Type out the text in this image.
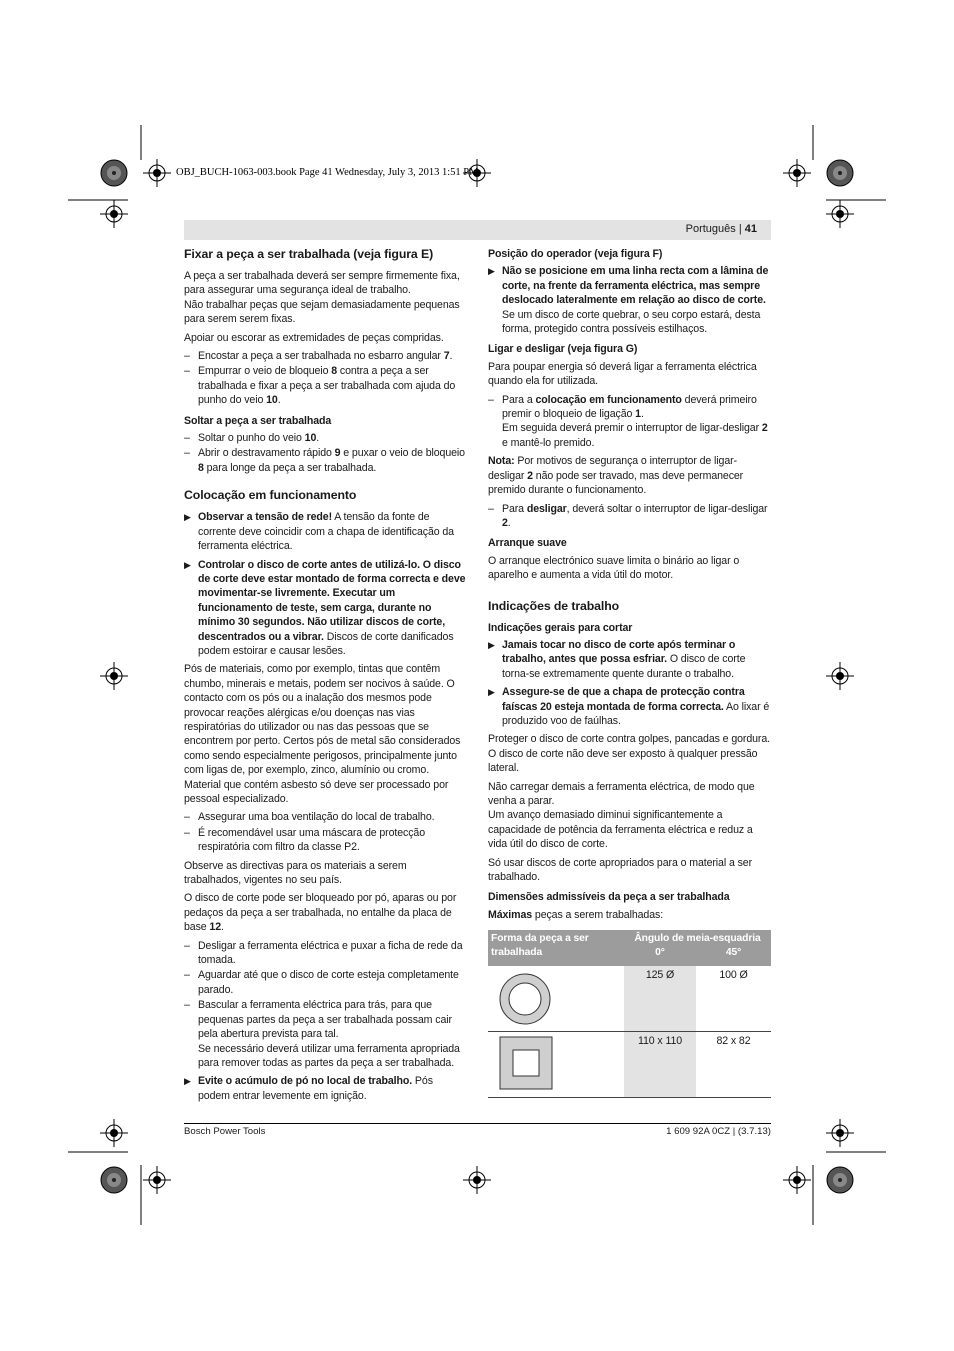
OBJ_BUCH-1063-003.book Page 41 Wednesday, July 3, 2013 1:51 PM
Português | 41
Fixar a peça a ser trabalhada (veja figura E)

A peça a ser trabalhada deverá ser sempre firmemente fixa, para assegurar uma segurança ideal de trabalho.
Não trabalhar peças que sejam demasiadamente pequenas para serem serem fixas.

Apoiar ou escorar as extremidades de peças compridas.

– Encostar a peça a ser trabalhada no esbarro angular 7.
– Empurrar o veio de bloqueio 8 contra a peça a ser trabalhada e fixar a peça a ser trabalhada com ajuda do punho do veio 10.
Soltar a peça a ser trabalhada
– Soltar o punho do veio 10.
– Abrir o destravamento rápido 9 e puxar o veio de bloqueio 8 para longe da peça a ser trabalhada.
Colocação em funcionamento
▶ Observar a tensão de rede! A tensão da fonte de corrente deve coincidir com a chapa de identificação da ferramenta eléctrica.
▶ Controlar o disco de corte antes de utilizá-lo. O disco de corte deve estar montado de forma correcta e deve movimentar-se livremente. Executar um funcionamento de teste, sem carga, durante no mínimo 30 segundos. Não utilizar discos de corte, descentrados ou a vibrar. Discos de corte danificados podem estoirar e causar lesões.

Pós de materiais, como por exemplo, tintas que contêm chumbo, minerais e metais, podem ser nocivos à saúde. O contacto com os pós ou a inalação dos mesmos pode provocar reações alérgicas e/ou doenças nas vias respiratórias do utilizador ou nas das pessoas que se encontrem por perto. Certos pós de metal são considerados como sendo especialmente perigosos, principalmente junto com ligas de, por exemplo, zinco, alumínio ou cromo. Material que contém asbesto só deve ser processado por pessoal especializado.

– Assegurar uma boa ventilação do local de trabalho.
– É recomendável usar uma máscara de protecção respiratória com filtro da classe P2.

Observe as directivas para os materiais a serem trabalhados, vigentes no seu país.

O disco de corte pode ser bloqueado por pó, aparas ou por pedaços da peça a ser trabalhada, no entalhe da placa de base 12.

– Desligar a ferramenta eléctrica e puxar a ficha de rede da tomada.
– Aguardar até que o disco de corte esteja completamente parado.
– Bascular a ferramenta eléctrica para trás, para que pequenas partes da peça a ser trabalhada possam cair pela abertura prevista para tal.
Se necessário deverá utilizar uma ferramenta apropriada para remover todas as partes da peça a ser trabalhada.
▶ Evite o acúmulo de pó no local de trabalho. Pós podem entrar levemente em ignição.
Posição do operador (veja figura F)
▶ Não se posicione em uma linha recta com a lâmina de corte, na frente da ferramenta eléctrica, mas sempre deslocado lateralmente em relação ao disco de corte. Se um disco de corte quebrar, o seu corpo estará, desta forma, protegido contra possíveis estilhaços.
Ligar e desligar (veja figura G)

Para poupar energia só deverá ligar a ferramenta eléctrica quando ela for utilizada.

– Para a colocação em funcionamento deverá primeiro premir o bloqueio de ligação 1.
Em seguida deverá premir o interruptor de ligar-desligar 2 e mantê-lo premido.

Nota: Por motivos de segurança o interruptor de ligar-desligar 2 não pode ser travado, mas deve permanecer premido durante o funcionamento.

– Para desligar, deverá soltar o interruptor de ligar-desligar 2.
Arranque suave

O arranque electrónico suave limita o binário ao ligar o aparelho e aumenta a vida útil do motor.

Indicações de trabalho
Indicações gerais para cortar
▶ Jamais tocar no disco de corte após terminar o trabalho, antes que possa esfriar. O disco de corte torna-se extremamente quente durante o trabalho.
▶ Assegure-se de que a chapa de protecção contra faíscas 20 esteja montada de forma correcta. Ao lixar é produzido voo de faúlhas.

Proteger o disco de corte contra golpes, pancadas e gordura. O disco de corte não deve ser exposto à qualquer pressão lateral.

Não carregar demais a ferramenta eléctrica, de modo que venha a parar.
Um avanço demasiado diminui significantemente a capacidade de potência da ferramenta eléctrica e reduz a vida útil do disco de corte.

Só usar discos de corte apropriados para o material a ser trabalhado.

Dimensões admissíveis da peça a ser trabalhada

Máximas peças a serem trabalhadas:

Forma da peça a ser trabalhada
Ângulo de meia-esquadria
0°	45°
125 Ø	100 Ø
110 x 110	82 x 82
Bosch Power Tools	1 609 92A 0CZ | (3.7.13)
